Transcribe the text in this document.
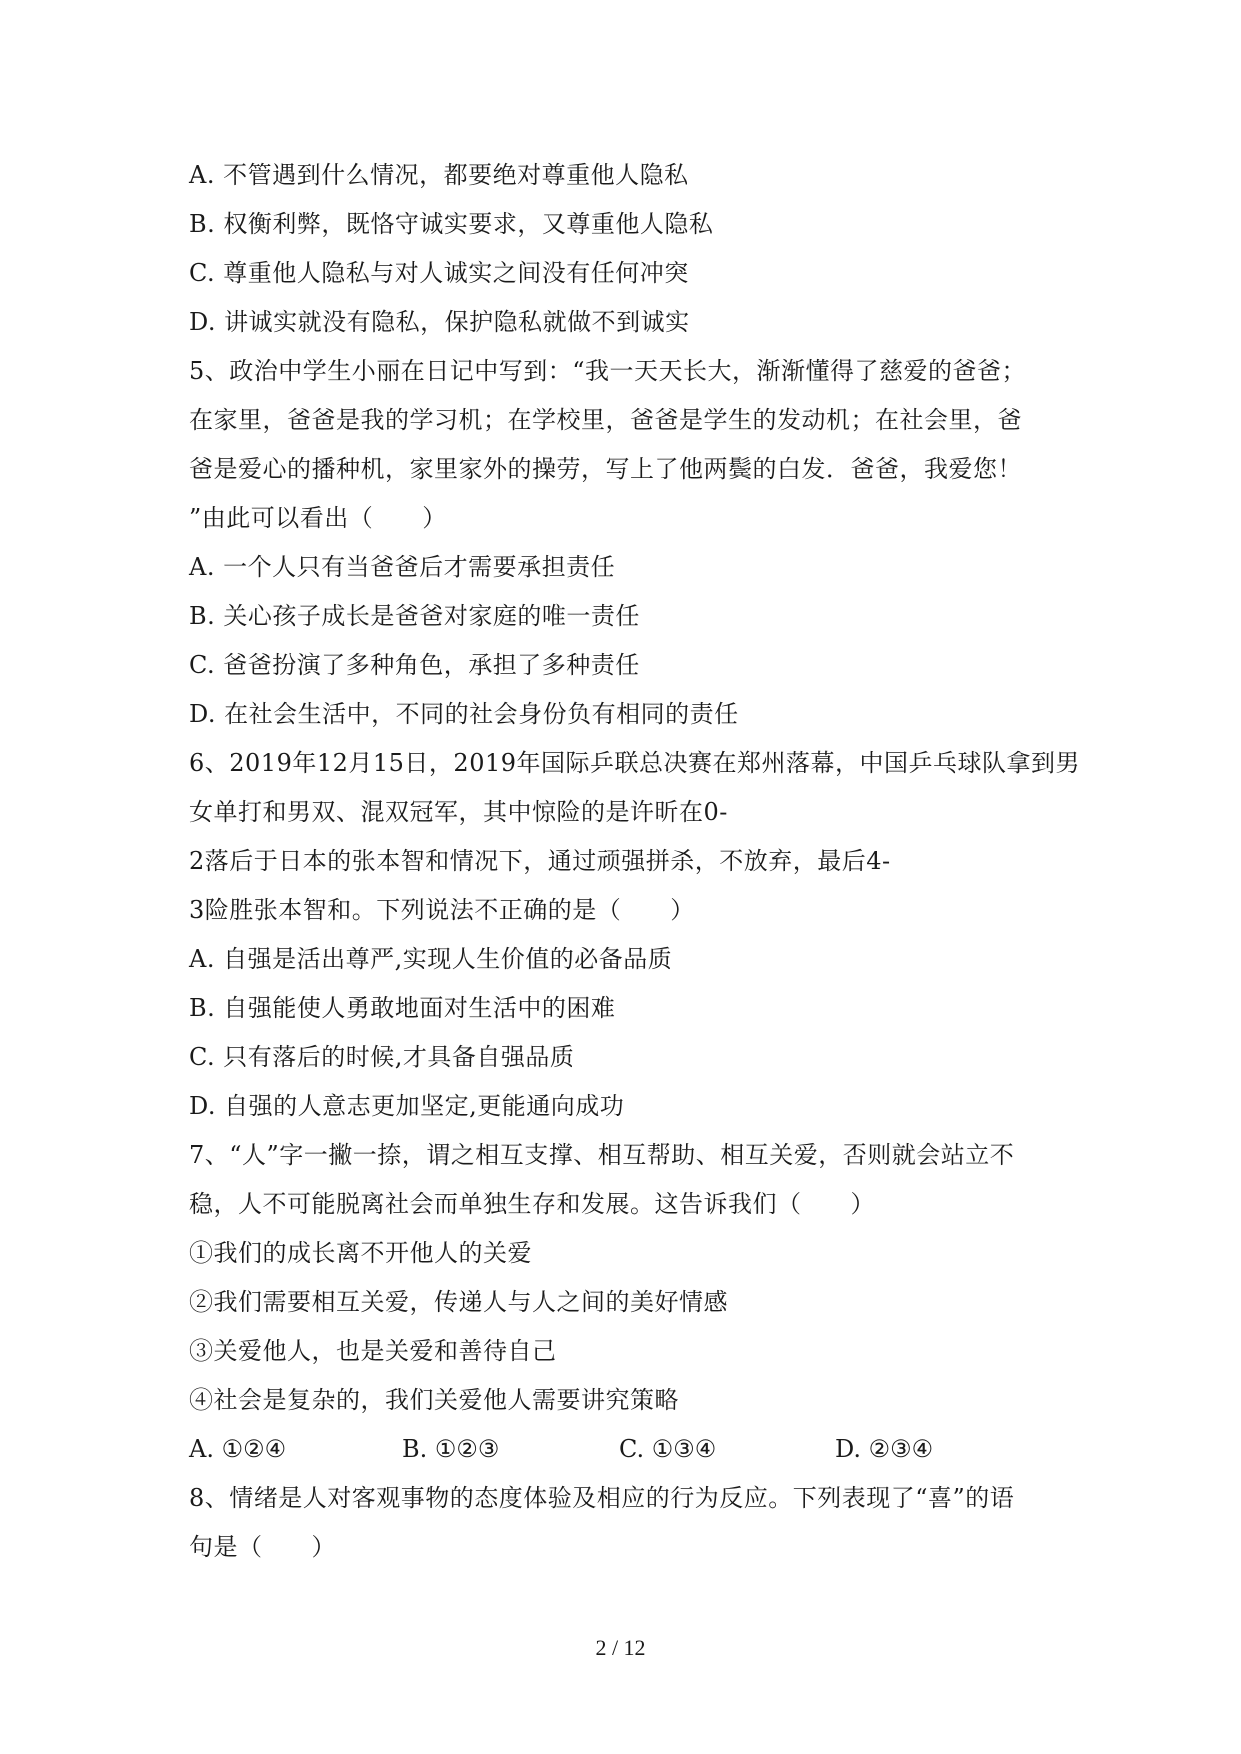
A. 不管遇到什么情况，都要绝对尊重他人隐私
B. 权衡利弊，既恪守诚实要求，又尊重他人隐私
C. 尊重他人隐私与对人诚实之间没有任何冲突
D. 讲诚实就没有隐私，保护隐私就做不到诚实
5、政治中学生小丽在日记中写到：“我一天天长大，渐渐懂得了慈爱的爸爸；
在家里，爸爸是我的学习机；在学校里，爸爸是学生的发动机；在社会里，爸
爸是爱心的播种机，家里家外的操劳，写上了他两鬓的白发．爸爸，我爱您！
”由此可以看出（　　）
A. 一个人只有当爸爸后才需要承担责任
B. 关心孩子成长是爸爸对家庭的唯一责任
C. 爸爸扮演了多种角色，承担了多种责任
D. 在社会生活中，不同的社会身份负有相同的责任
6、2019年12月15日，2019年国际乒联总决赛在郑州落幕，中国乒乓球队拿到男
女单打和男双、混双冠军，其中惊险的是许昕在0-
2落后于日本的张本智和情况下，通过顽强拼杀，不放弃，最后4-
3险胜张本智和。下列说法不正确的是（　　）
A. 自强是活出尊严,实现人生价值的必备品质
B. 自强能使人勇敢地面对生活中的困难
C. 只有落后的时候,才具备自强品质
D. 自强的人意志更加坚定,更能通向成功
7、“人”字一撇一捺，谓之相互支撑、相互帮助、相互关爱，否则就会站立不
稳，人不可能脱离社会而单独生存和发展。这告诉我们（　　）
①我们的成长离不开他人的关爱
②我们需要相互关爱，传递人与人之间的美好情感
③关爱他人，也是关爱和善待自己
④社会是复杂的，我们关爱他人需要讲究策略
A. ①②④	B. ①②③	C. ①③④	D. ②③④
8、情绪是人对客观事物的态度体验及相应的行为反应。下列表现了“喜”的语
句是（　　）
2 / 12
